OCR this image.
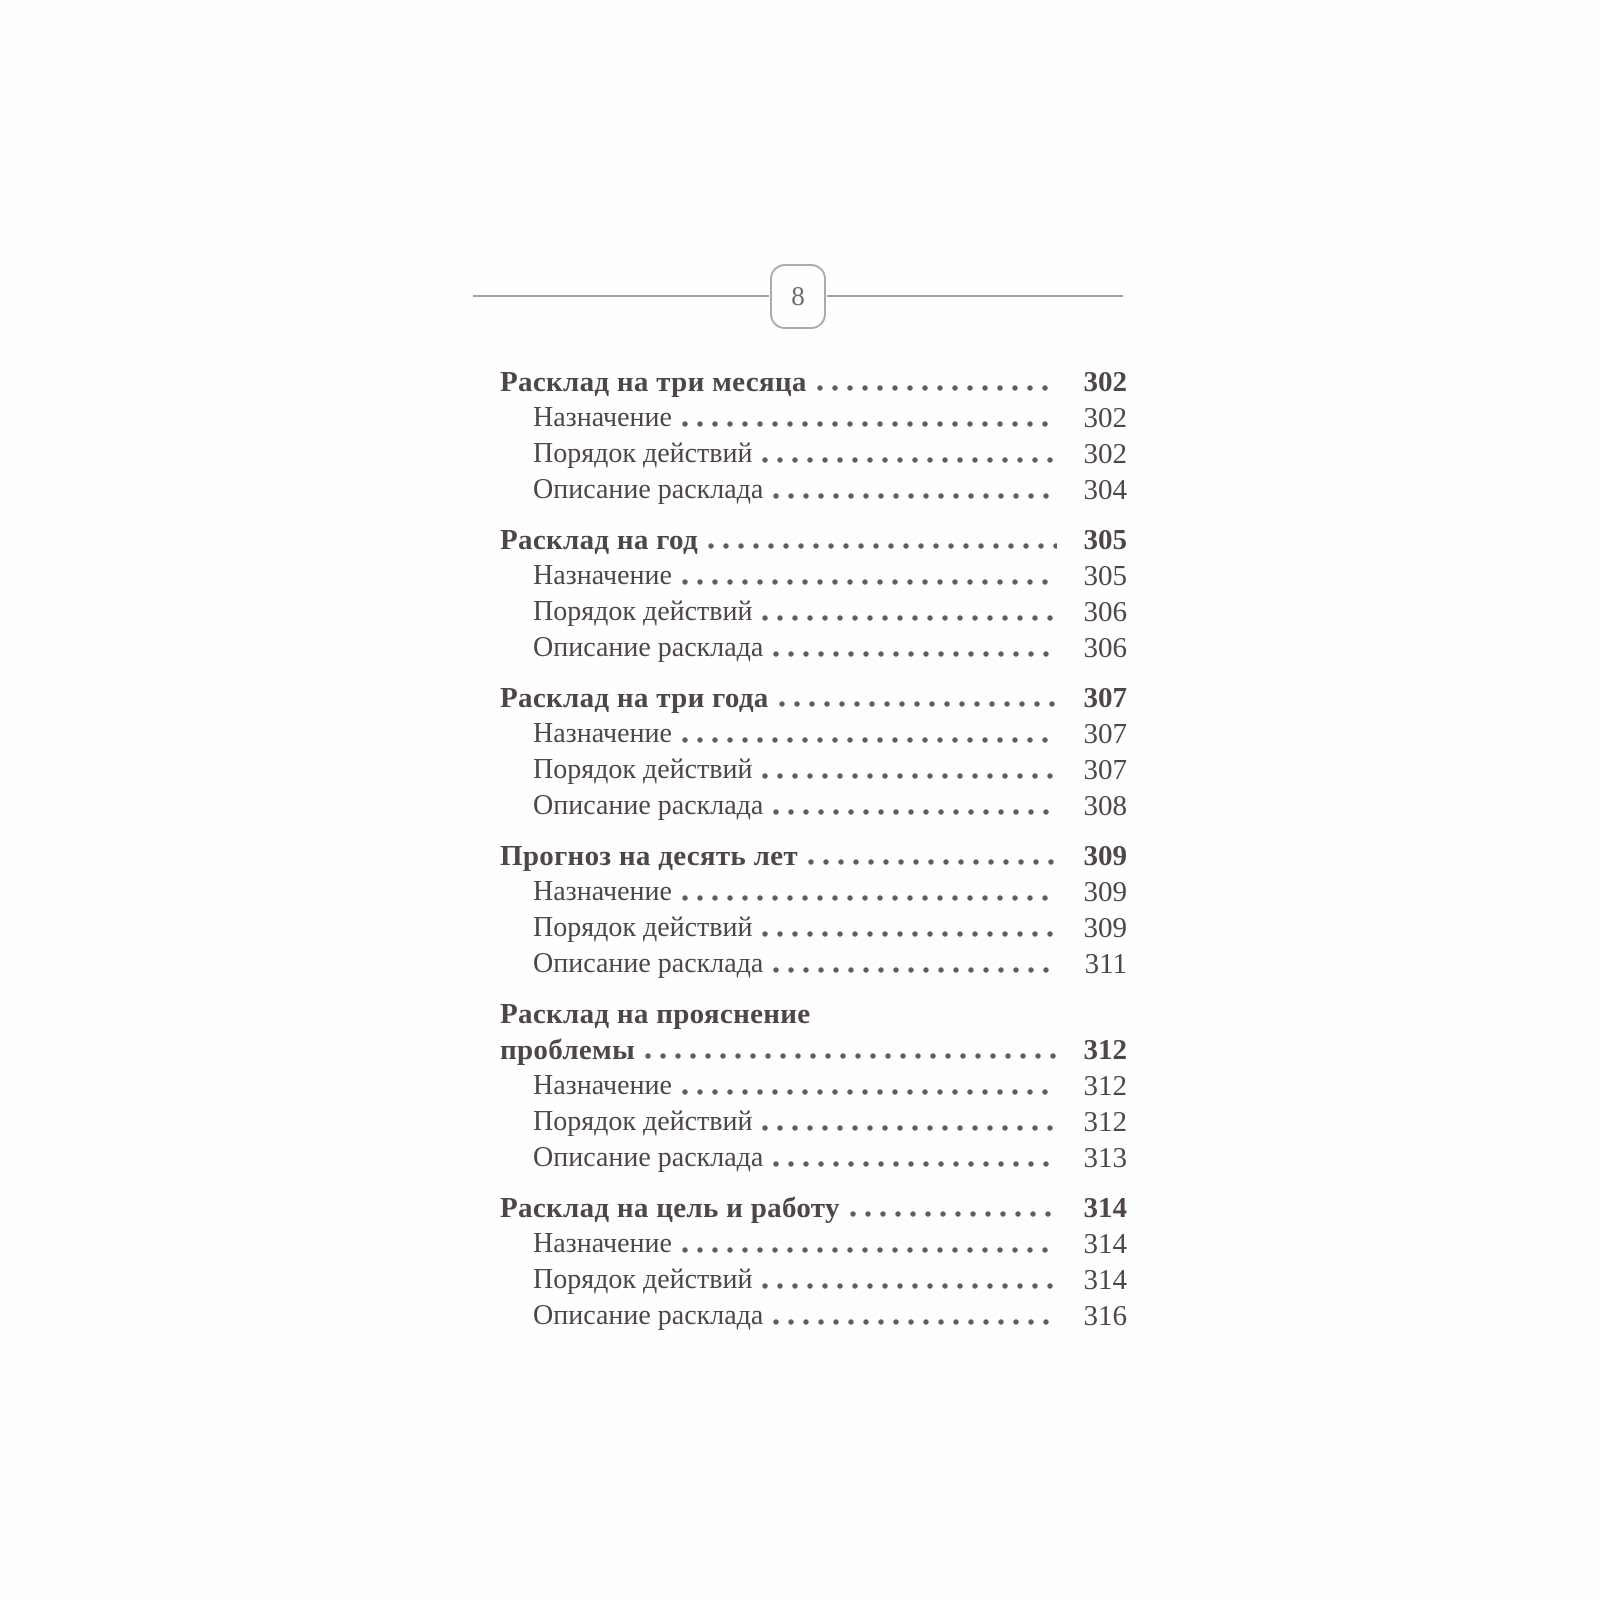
8
Расклад на три месяца	302
Назначение	302
Порядок действий	302
Описание расклада	304
Расклад на год	305
Назначение	305
Порядок действий	306
Описание расклада	306
Расклад на три года	307
Назначение	307
Порядок действий	307
Описание расклада	308
Прогноз на десять лет	309
Назначение	309
Порядок действий	309
Описание расклада	311
Расклад на прояснение
проблемы	312
Назначение	312
Порядок действий	312
Описание расклада	313
Расклад на цель и работу	314
Назначение	314
Порядок действий	314
Описание расклада	316
